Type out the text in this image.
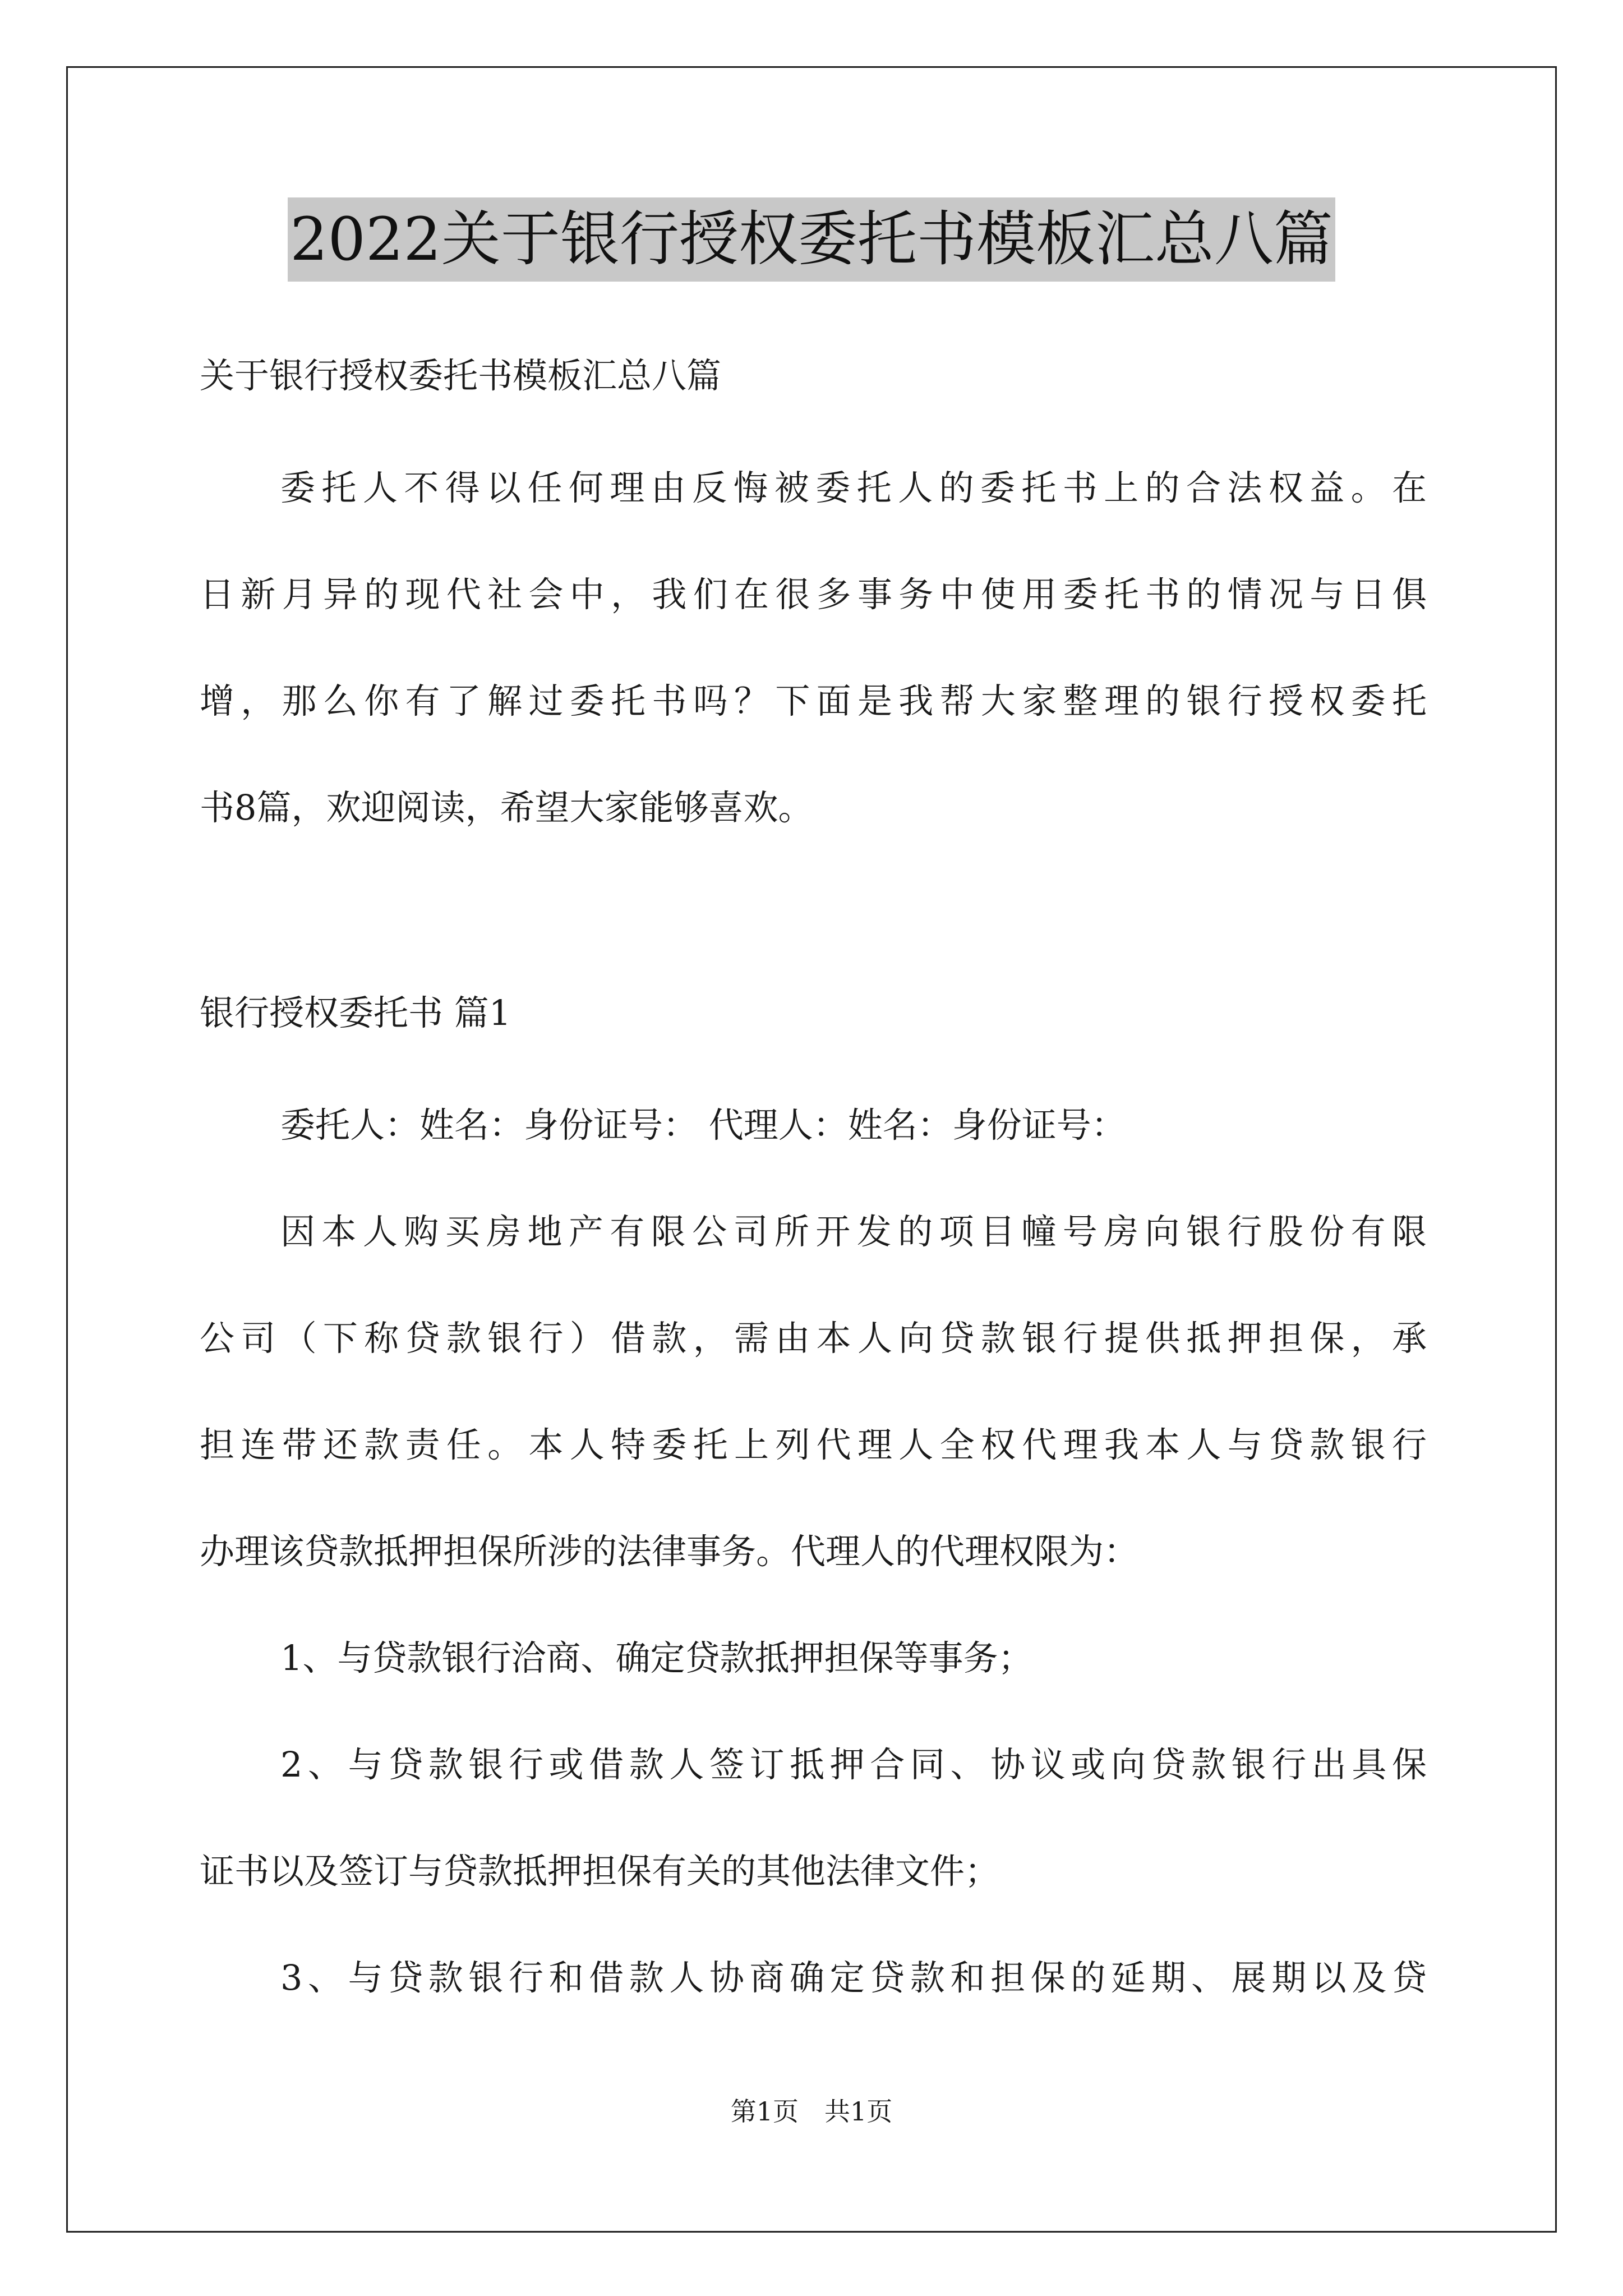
2022关于银行授权委托书模板汇总八篇
关于银行授权委托书模板汇总八篇
委托人不得以任何理由反悔被委托人的委托书上的合法权益。在
日新月异的现代社会中，我们在很多事务中使用委托书的情况与日俱
增，那么你有了解过委托书吗？下面是我帮大家整理的银行授权委托
书8篇，欢迎阅读，希望大家能够喜欢。
银行授权委托书 篇1
委托人：姓名：身份证号： 代理人：姓名：身份证号：
因本人购买房地产有限公司所开发的项目幢号房向银行股份有限
公司（下称贷款银行）借款，需由本人向贷款银行提供抵押担保，承
担连带还款责任。本人特委托上列代理人全权代理我本人与贷款银行
办理该贷款抵押担保所涉的法律事务。代理人的代理权限为：
1、与贷款银行洽商、确定贷款抵押担保等事务；
2、与贷款银行或借款人签订抵押合同、协议或向贷款银行出具保
证书以及签订与贷款抵押担保有关的其他法律文件；
3、与贷款银行和借款人协商确定贷款和担保的延期、展期以及贷
第1页　共1页
